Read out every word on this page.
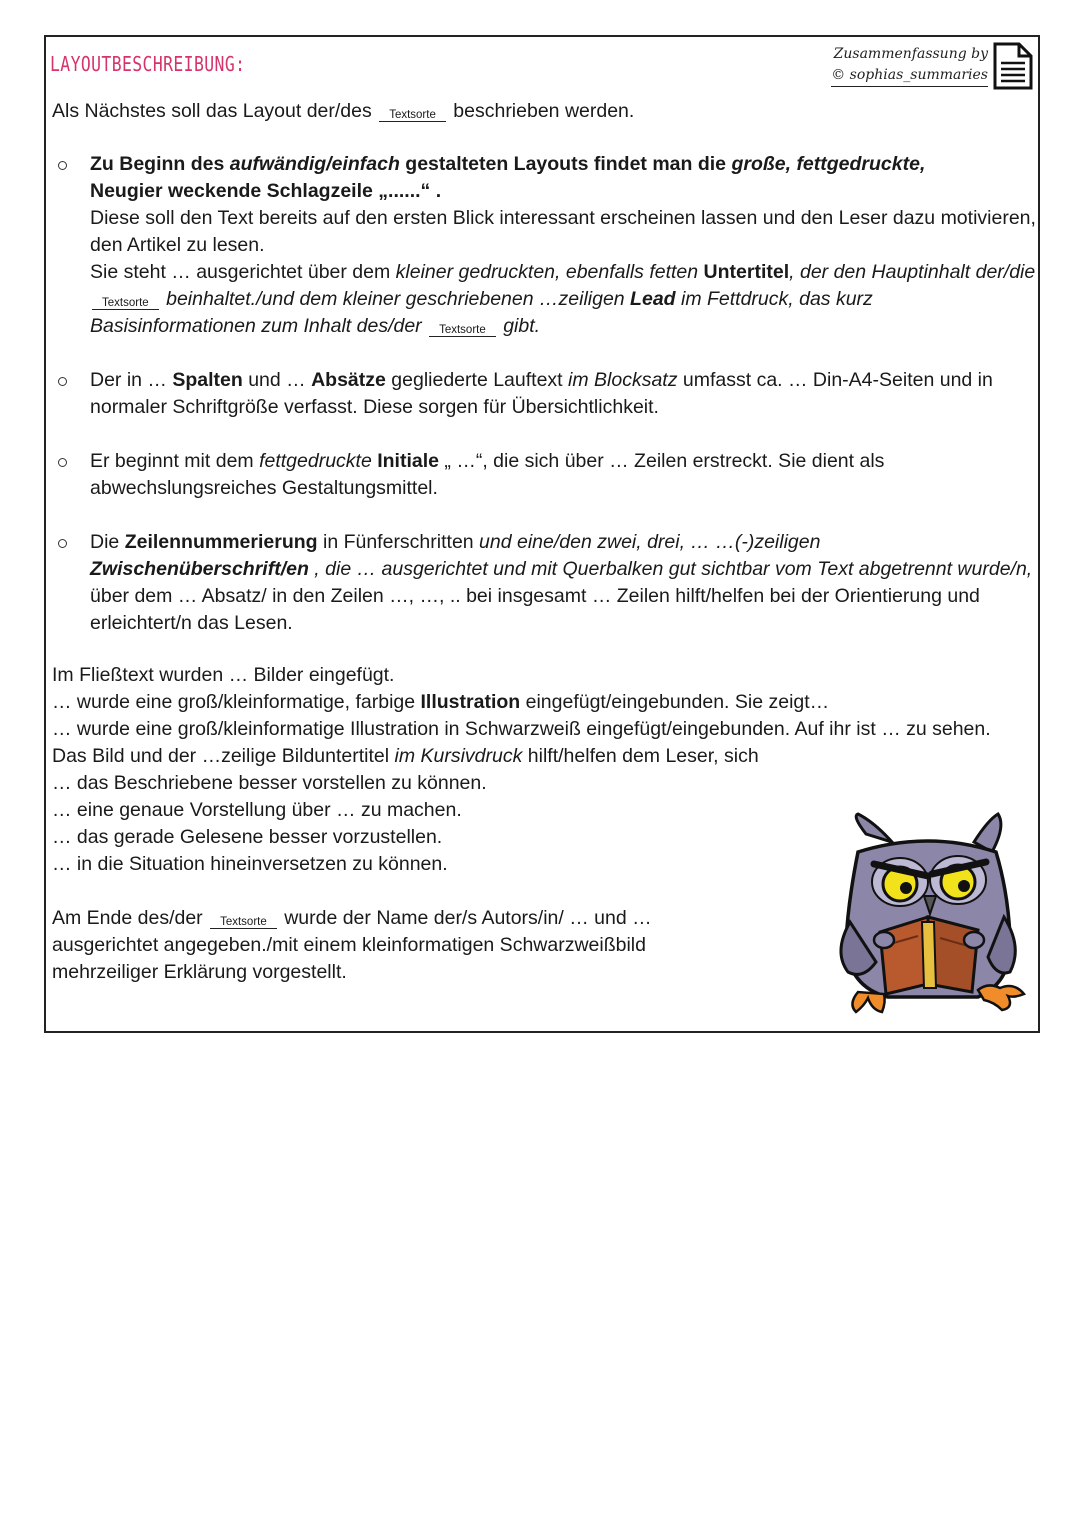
LAYOUTBESCHREIBUNG:	Zusammenfassung by
© sophias_summaries

Als Nächstes soll das Layout der/des Textsorte beschrieben werden.

Zu Beginn des aufwändig/einfach gestalteten Layouts findet man die große, fettgedruckte,
Neugier weckende Schlagzeile „......“ .
Diese soll den Text bereits auf den ersten Blick interessant erscheinen lassen und den Leser dazu motivieren, den Artikel zu lesen.
Sie steht … ausgerichtet über dem kleiner gedruckten, ebenfalls fetten Untertitel, der den Hauptinhalt der/die Textsorte beinhaltet./und dem kleiner geschriebenen …zeiligen Lead im Fettdruck, das kurz Basisinformationen zum Inhalt des/der Textsorte gibt.
Der in … Spalten und … Absätze gegliederte Lauftext im Blocksatz umfasst ca. … Din-A4-Seiten und in normaler Schriftgröße verfasst. Diese sorgen für Übersichtlichkeit.
Er beginnt mit dem fettgedruckte Initiale „ …“, die sich über … Zeilen erstreckt. Sie dient als abwechslungsreiches Gestaltungsmittel.
Die Zeilennummerierung in Fünferschritten und eine/den zwei, drei, … …(-)zeiligen Zwischenüberschrift/en , die … ausgerichtet und mit Querbalken gut sichtbar vom Text abgetrennt wurde/n, über dem … Absatz/ in den Zeilen …, …, .. bei insgesamt … Zeilen hilft/helfen bei der Orientierung und erleichtert/n das Lesen.

Im Fließtext wurden … Bilder eingefügt.

… wurde eine groß/kleinformatige, farbige Illustration eingefügt/eingebunden. Sie zeigt…

… wurde eine groß/kleinformatige Illustration in Schwarzweiß eingefügt/eingebunden. Auf ihr ist … zu sehen.

Das Bild und der …zeilige Bilduntertitel im Kursivdruck hilft/helfen dem Leser, sich

… das Beschriebene besser vorstellen zu können.

… eine genaue Vorstellung über … zu machen.

… das gerade Gelesene besser vorzustellen.

… in die Situation hineinversetzen zu können.

Am Ende des/der Textsorte wurde der Name der/s Autors/in/ … und …

ausgerichtet angegeben./mit einem kleinformatigen Schwarzweißbild

mehrzeiliger Erklärung vorgestellt.
